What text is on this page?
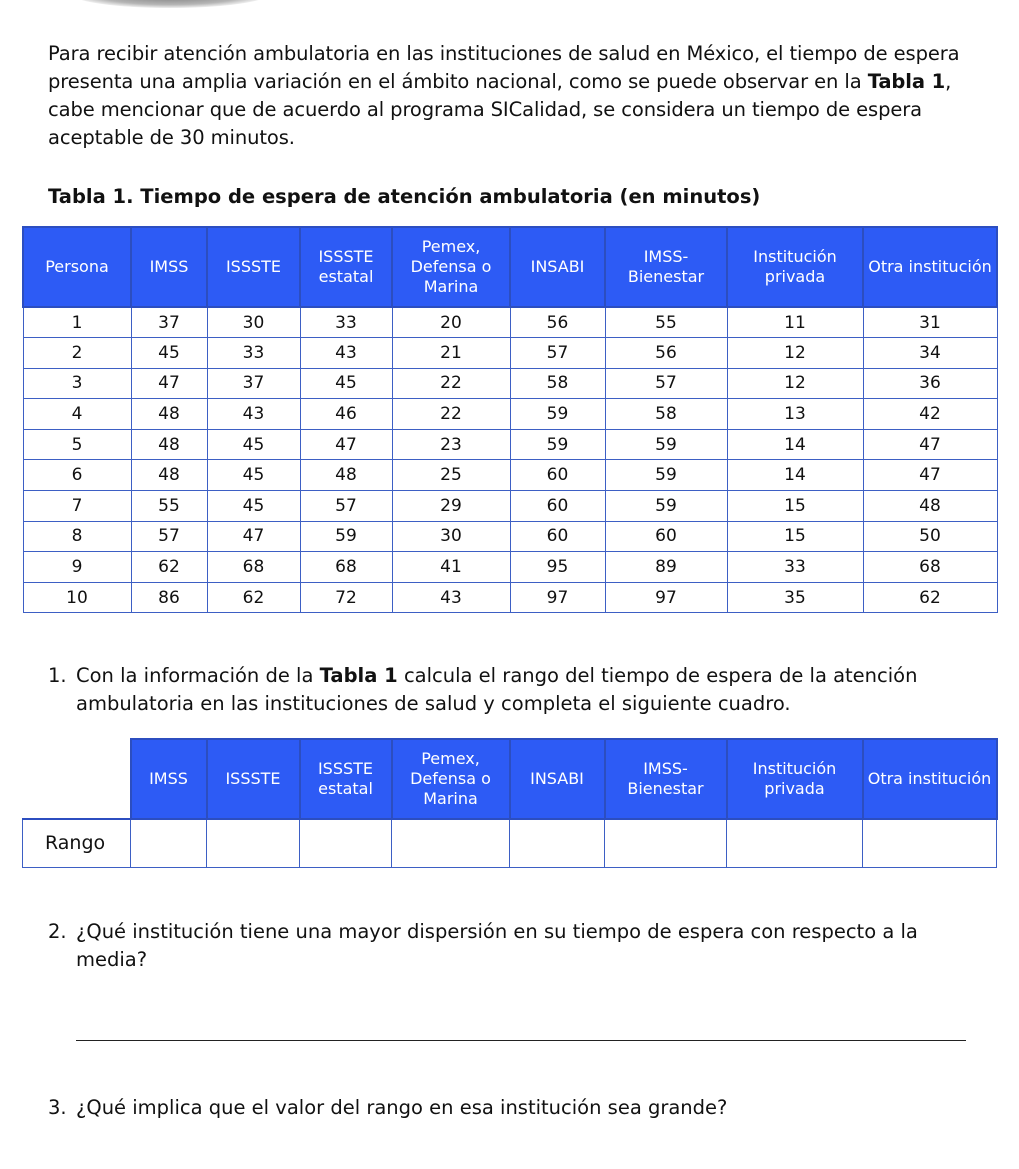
Para recibir atención ambulatoria en las instituciones de salud en México, el tiempo de espera presenta una amplia variación en el ámbito nacional, como se puede observar en la Tabla 1, cabe mencionar que de acuerdo al programa SICalidad, se considera un tiempo de espera aceptable de 30 minutos.

Tabla 1. Tiempo de espera de atención ambulatoria (en minutos)

Persona	IMSS	ISSSTE	ISSSTE estatal	Pemex, Defensa o Marina	INSABI	IMSS-Bienestar	Institución privada	Otra institución
1	37	30	33	20	56	55	11	31
2	45	33	43	21	57	56	12	34
3	47	37	45	22	58	57	12	36
4	48	43	46	22	59	58	13	42
5	48	45	47	23	59	59	14	47
6	48	45	48	25	60	59	14	47
7	55	45	57	29	60	59	15	48
8	57	47	59	30	60	60	15	50
9	62	68	68	41	95	89	33	68
10	86	62	72	43	97	97	35	62
1. Con la información de la Tabla 1 calcula el rango del tiempo de espera de la atención ambulatoria en las instituciones de salud y completa el siguiente cuadro.
	IMSS	ISSSTE	ISSSTE estatal	Pemex, Defensa o Marina	INSABI	IMSS-Bienestar	Institución privada	Otra institución
Rango								
2. ¿Qué institución tiene una mayor dispersión en su tiempo de espera con respecto a la media?
3. ¿Qué implica que el valor del rango en esa institución sea grande?
